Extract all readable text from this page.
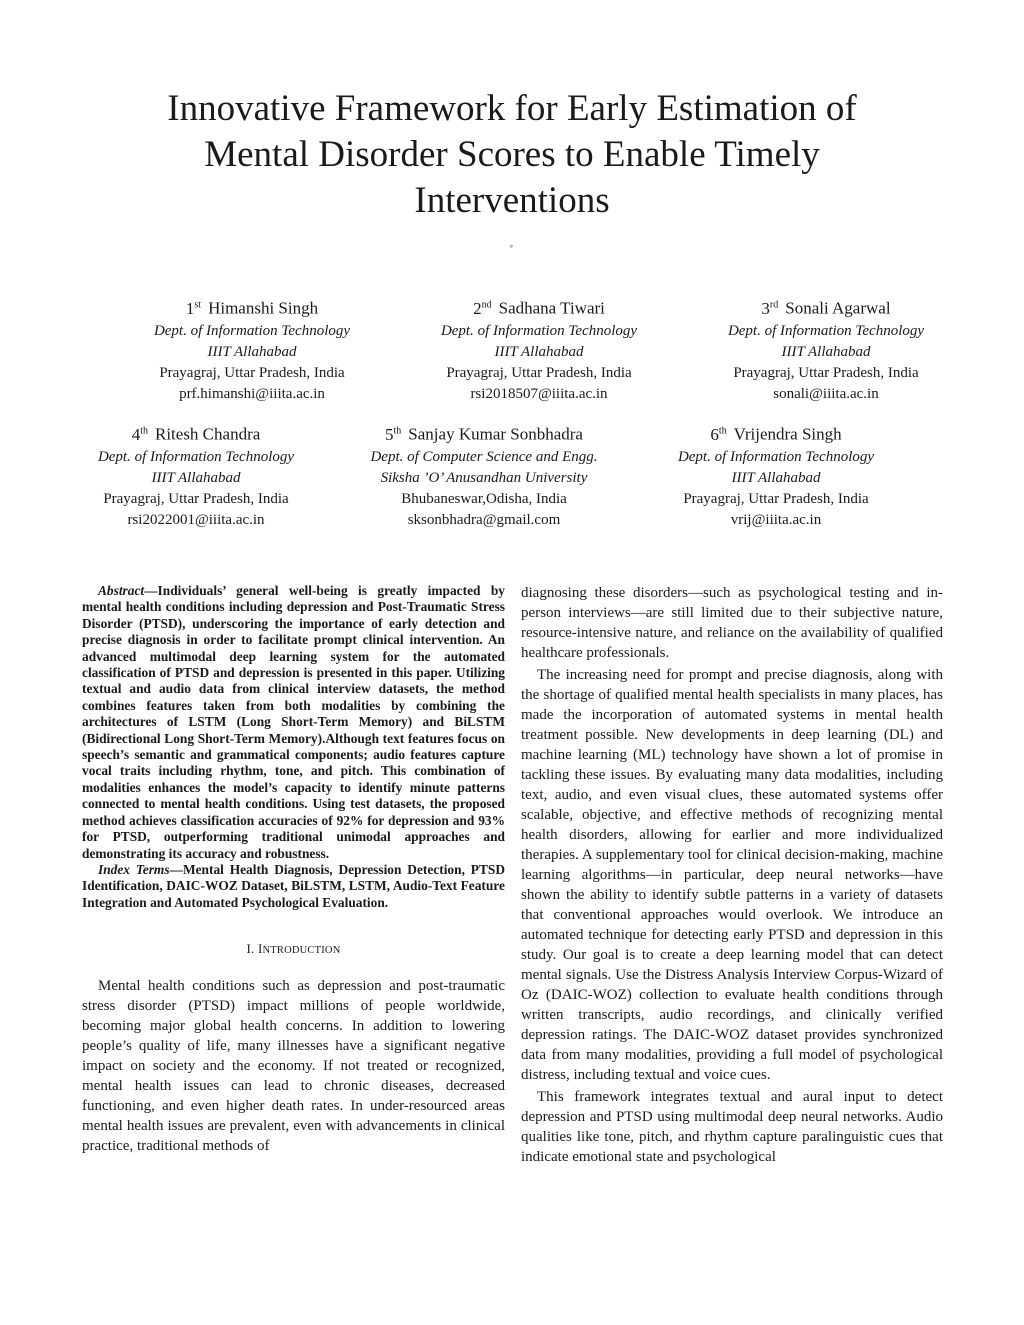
Innovative Framework for Early Estimation of
Mental Disorder Scores to Enable Timely
Interventions
*
1st Himanshi Singh
Dept. of Information Technology
IIIT Allahabad
Prayagraj, Uttar Pradesh, India
prf.himanshi@iiita.ac.in
2nd Sadhana Tiwari
Dept. of Information Technology
IIIT Allahabad
Prayagraj, Uttar Pradesh, India
rsi2018507@iiita.ac.in
3rd Sonali Agarwal
Dept. of Information Technology
IIIT Allahabad
Prayagraj, Uttar Pradesh, India
sonali@iiita.ac.in
4th Ritesh Chandra
Dept. of Information Technology
IIIT Allahabad
Prayagraj, Uttar Pradesh, India
rsi2022001@iiita.ac.in
5th Sanjay Kumar Sonbhadra
Dept. of Computer Science and Engg.
Siksha ’O’ Anusandhan University
Bhubaneswar,Odisha, India
sksonbhadra@gmail.com
6th Vrijendra Singh
Dept. of Information Technology
IIIT Allahabad
Prayagraj, Uttar Pradesh, India
vrij@iiita.ac.in

Abstract—Individuals’ general well-being is greatly impacted by mental health conditions including depression and Post-Traumatic Stress Disorder (PTSD), underscoring the importance of early detection and precise diagnosis in order to facilitate prompt clinical intervention. An advanced multimodal deep learning system for the automated classification of PTSD and depression is presented in this paper. Utilizing textual and audio data from clinical interview datasets, the method combines features taken from both modalities by combining the architectures of LSTM (Long Short-Term Memory) and BiLSTM (Bidirectional Long Short-Term Memory).Although text features focus on speech’s semantic and grammatical components; audio features capture vocal traits including rhythm, tone, and pitch. This combination of modalities enhances the model’s capacity to identify minute patterns connected to mental health conditions. Using test datasets, the proposed method achieves classification accuracies of 92% for depression and 93% for PTSD, outperforming traditional unimodal approaches and demonstrating its accuracy and robustness.

Index Terms—Mental Health Diagnosis, Depression Detection, PTSD Identification, DAIC-WOZ Dataset, BiLSTM, LSTM, Audio-Text Feature Integration and Automated Psychological Evaluation.

I. INTRODUCTION

Mental health conditions such as depression and post-traumatic stress disorder (PTSD) impact millions of people worldwide, becoming major global health concerns. In addition to lowering people’s quality of life, many illnesses have a significant negative impact on society and the economy. If not treated or recognized, mental health issues can lead to chronic diseases, decreased functioning, and even higher death rates. In under-resourced areas mental health issues are prevalent, even with advancements in clinical practice, traditional methods of

diagnosing these disorders—such as psychological testing and in-person interviews—are still limited due to their subjective nature, resource-intensive nature, and reliance on the availability of qualified healthcare professionals.

The increasing need for prompt and precise diagnosis, along with the shortage of qualified mental health specialists in many places, has made the incorporation of automated systems in mental health treatment possible. New developments in deep learning (DL) and machine learning (ML) technology have shown a lot of promise in tackling these issues. By evaluating many data modalities, including text, audio, and even visual clues, these automated systems offer scalable, objective, and effective methods of recognizing mental health disorders, allowing for earlier and more individualized therapies. A supplementary tool for clinical decision-making, machine learning algorithms—in particular, deep neural networks—have shown the ability to identify subtle patterns in a variety of datasets that conventional approaches would overlook. We introduce an automated technique for detecting early PTSD and depression in this study. Our goal is to create a deep learning model that can detect mental signals. Use the Distress Analysis Interview Corpus-Wizard of Oz (DAIC-WOZ) collection to evaluate health conditions through written transcripts, audio recordings, and clinically verified depression ratings. The DAIC-WOZ dataset provides synchronized data from many modalities, providing a full model of psychological distress, including textual and voice cues.

This framework integrates textual and aural input to detect depression and PTSD using multimodal deep neural networks. Audio qualities like tone, pitch, and rhythm capture paralinguistic cues that indicate emotional state and psychological
